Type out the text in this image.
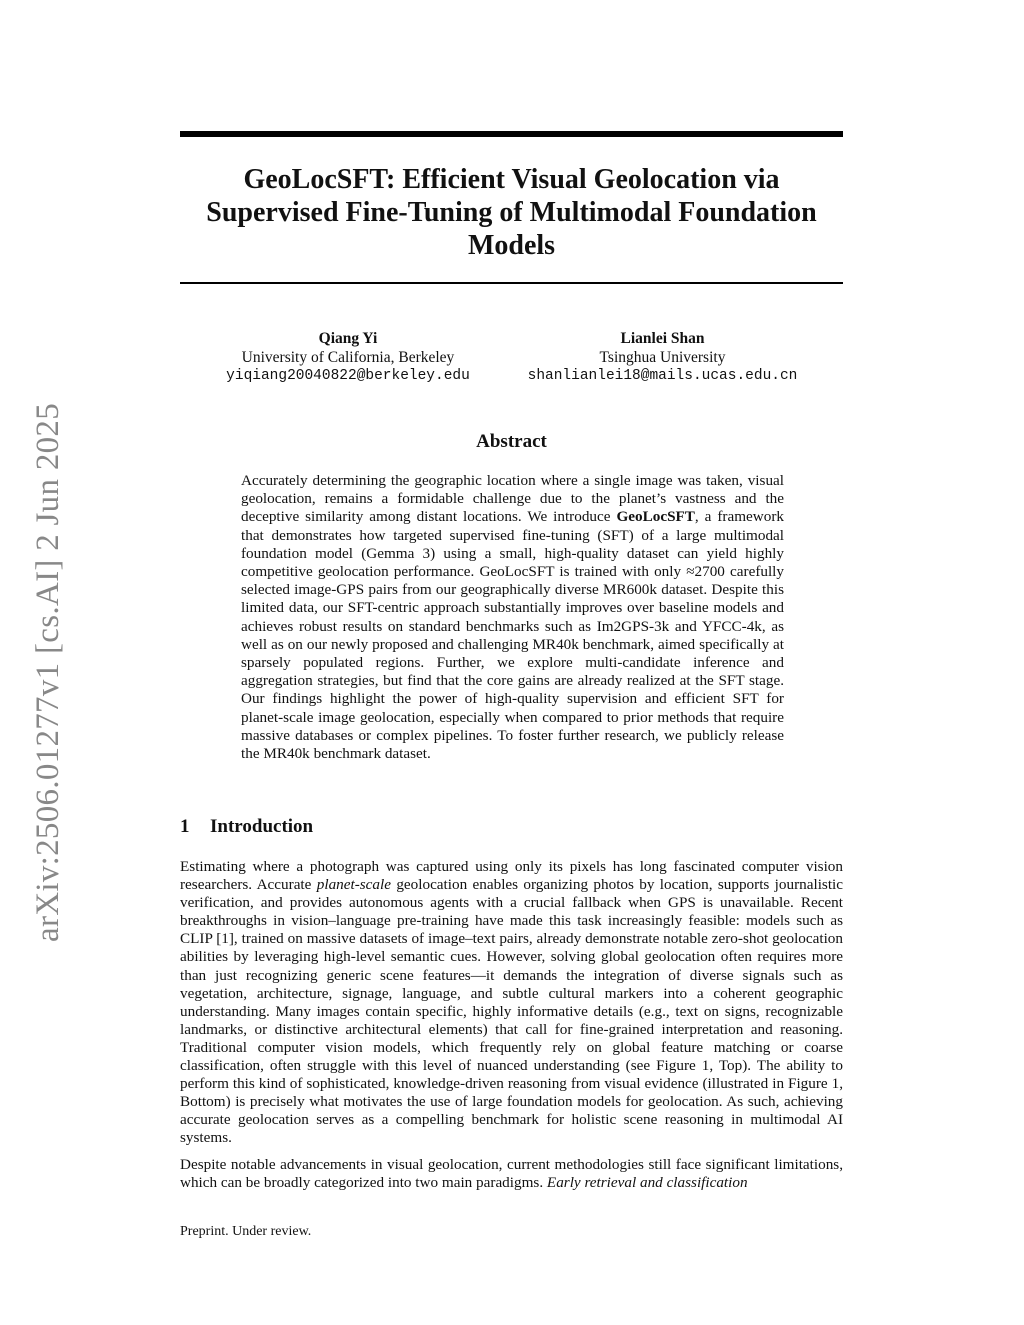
arXiv:2506.01277v1 [cs.AI] 2 Jun 2025
GeoLocSFT: Efficient Visual Geolocation via Supervised Fine-Tuning of Multimodal Foundation Models
Qiang Yi
University of California, Berkeley
yiqiang20040822@berkeley.edu
Lianlei Shan
Tsinghua University
shanlianlei18@mails.ucas.edu.cn
Abstract

Accurately determining the geographic location where a single image was taken, visual geolocation, remains a formidable challenge due to the planet’s vastness and the deceptive similarity among distant locations. We introduce GeoLocSFT, a framework that demonstrates how targeted supervised fine-tuning (SFT) of a large multimodal foundation model (Gemma 3) using a small, high-quality dataset can yield highly competitive geolocation performance. GeoLocSFT is trained with only ≈2700 carefully selected image-GPS pairs from our geographically diverse MR600k dataset. Despite this limited data, our SFT-centric approach substantially improves over baseline models and achieves robust results on standard benchmarks such as Im2GPS-3k and YFCC-4k, as well as on our newly proposed and challenging MR40k benchmark, aimed specifically at sparsely populated regions. Further, we explore multi-candidate inference and aggregation strategies, but find that the core gains are already realized at the SFT stage. Our findings highlight the power of high-quality supervision and efficient SFT for planet-scale image geolocation, especially when compared to prior methods that require massive databases or complex pipelines. To foster further research, we publicly release the MR40k benchmark dataset.

1 Introduction

Estimating where a photograph was captured using only its pixels has long fascinated computer vision researchers. Accurate planet-scale geolocation enables organizing photos by location, supports journalistic verification, and provides autonomous agents with a crucial fallback when GPS is unavailable. Recent breakthroughs in vision–language pre-training have made this task increasingly feasible: models such as CLIP [1], trained on massive datasets of image–text pairs, already demonstrate notable zero-shot geolocation abilities by leveraging high-level semantic cues. However, solving global geolocation often requires more than just recognizing generic scene features—it demands the integration of diverse signals such as vegetation, architecture, signage, language, and subtle cultural markers into a coherent geographic understanding. Many images contain specific, highly informative details (e.g., text on signs, recognizable landmarks, or distinctive architectural elements) that call for fine-grained interpretation and reasoning. Traditional computer vision models, which frequently rely on global feature matching or coarse classification, often struggle with this level of nuanced understanding (see Figure 1, Top). The ability to perform this kind of sophisticated, knowledge-driven reasoning from visual evidence (illustrated in Figure 1, Bottom) is precisely what motivates the use of large foundation models for geolocation. As such, achieving accurate geolocation serves as a compelling benchmark for holistic scene reasoning in multimodal AI systems.

Despite notable advancements in visual geolocation, current methodologies still face significant limitations, which can be broadly categorized into two main paradigms. Early retrieval and classification

Preprint. Under review.
